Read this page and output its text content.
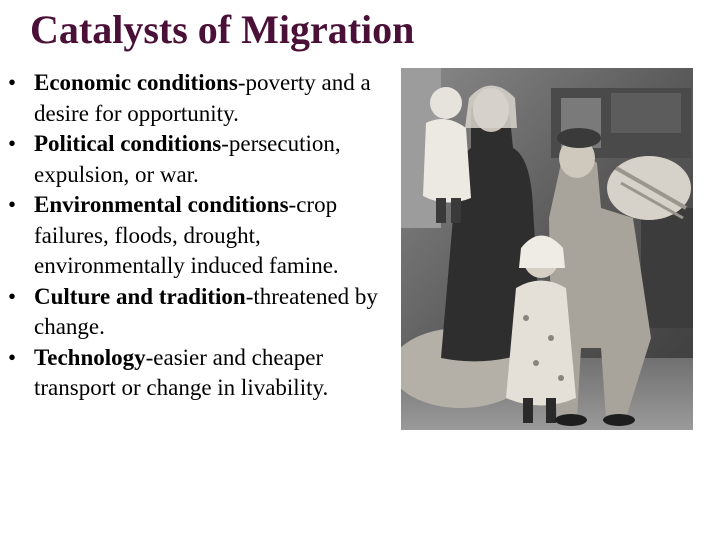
Catalysts of Migration
• Economic conditions-poverty and a desire for opportunity.
• Political conditions-persecution, expulsion, or war.
• Environmental conditions-crop failures, floods, drought, environmentally induced famine.
• Culture and tradition-threatened by change.
• Technology-easier and cheaper transport or change in livability.
